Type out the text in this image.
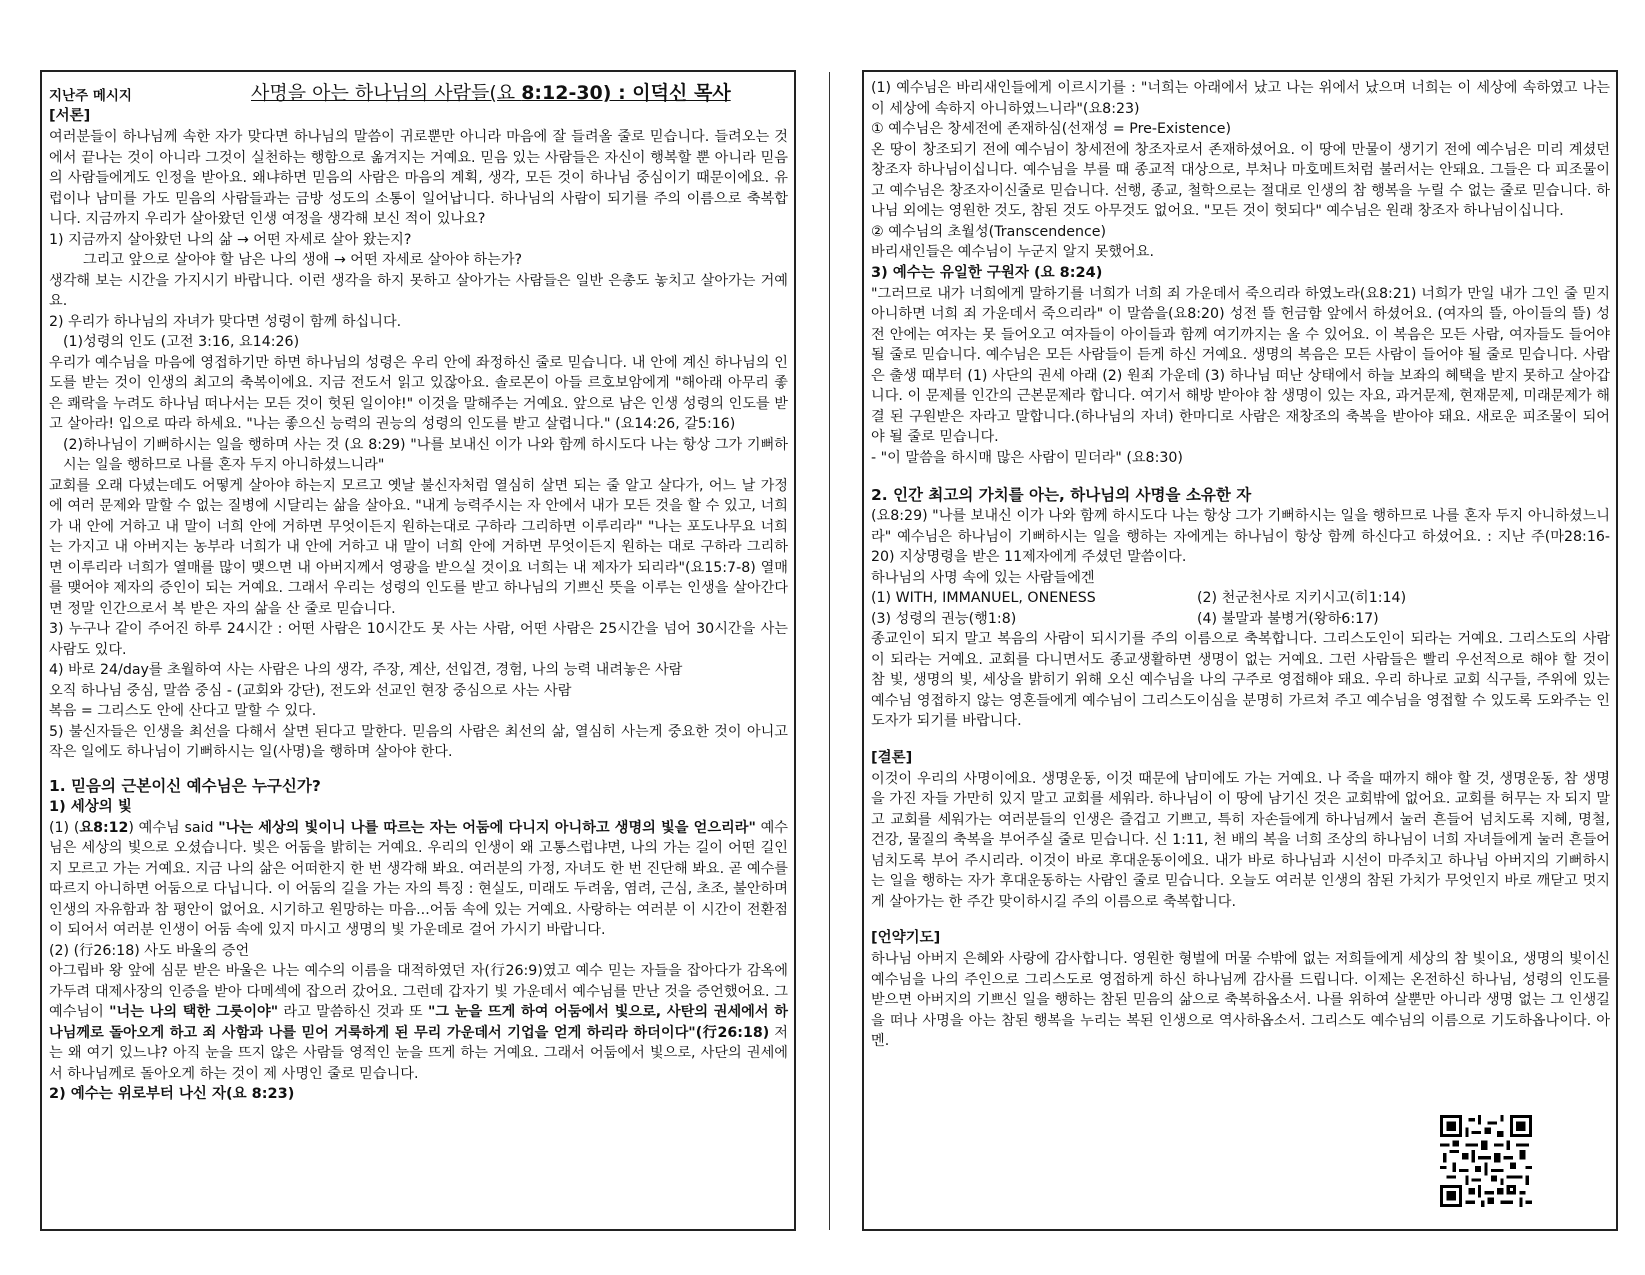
지난주 메시지	사명을 아는 하나님의 사람들(요 8:12-30) : 이덕신 목사

[서론]

여러분들이 하나님께 속한 자가 맞다면 하나님의 말씀이 귀로뿐만 아니라 마음에 잘 들려올 줄로 믿습니다. 들려오는 것에서 끝나는 것이 아니라 그것이 실천하는 행함으로 옮겨지는 거예요. 믿음 있는 사람들은 자신이 행복할 뿐 아니라 믿음의 사람들에게도 인정을 받아요. 왜냐하면 믿음의 사람은 마음의 계획, 생각, 모든 것이 하나님 중심이기 때문이에요. 유럽이나 남미를 가도 믿음의 사람들과는 금방 성도의 소통이 일어납니다. 하나님의 사람이 되기를 주의 이름으로 축복합니다. 지금까지 우리가 살아왔던 인생 여정을 생각해 보신 적이 있나요?

1) 지금까지 살아왔던 나의 삶 → 어떤 자세로 살아 왔는지?

그리고 앞으로 살아야 할 남은 나의 생애 → 어떤 자세로 살아야 하는가?

생각해 보는 시간을 가지시기 바랍니다. 이런 생각을 하지 못하고 살아가는 사람들은 일반 은총도 놓치고 살아가는 거예요.

2) 우리가 하나님의 자녀가 맞다면 성령이 함께 하십니다.

(1)성령의 인도 (고전 3:16, 요14:26)

우리가 예수님을 마음에 영접하기만 하면 하나님의 성령은 우리 안에 좌정하신 줄로 믿습니다. 내 안에 계신 하나님의 인도를 받는 것이 인생의 최고의 축복이에요. 지금 전도서 읽고 있잖아요. 솔로몬이 아들 르호보암에게 "해아래 아무리 좋은 쾌락을 누려도 하나님 떠나서는 모든 것이 헛된 일이야!" 이것을 말해주는 거예요. 앞으로 남은 인생 성령의 인도를 받고 살아라! 입으로 따라 하세요. "나는 좋으신 능력의 권능의 성령의 인도를 받고 살렵니다." (요14:26, 갈5:16)

(2)하나님이 기뻐하시는 일을 행하며 사는 것 (요 8:29) "나를 보내신 이가 나와 함께 하시도다 나는 항상 그가 기뻐하시는 일을 행하므로 나를 혼자 두지 아니하셨느니라"

교회를 오래 다녔는데도 어떻게 살아야 하는지 모르고 옛날 불신자처럼 열심히 살면 되는 줄 알고 살다가, 어느 날 가정에 여러 문제와 말할 수 없는 질병에 시달리는 삶을 살아요. "내게 능력주시는 자 안에서 내가 모든 것을 할 수 있고, 너희가 내 안에 거하고 내 말이 너희 안에 거하면 무엇이든지 원하는대로 구하라 그리하면 이루리라" "나는 포도나무요 너희는 가지고 내 아버지는 농부라 너희가 내 안에 거하고 내 말이 너희 안에 거하면 무엇이든지 원하는 대로 구하라 그리하면 이루리라 너희가 열매를 많이 맺으면 내 아버지께서 영광을 받으실 것이요 너희는 내 제자가 되리라"(요15:7-8) 열매를 맺어야 제자의 증인이 되는 거예요. 그래서 우리는 성령의 인도를 받고 하나님의 기쁘신 뜻을 이루는 인생을 살아간다면 정말 인간으로서 복 받은 자의 삶을 산 줄로 믿습니다.

3) 누구나 같이 주어진 하루 24시간 : 어떤 사람은 10시간도 못 사는 사람, 어떤 사람은 25시간을 넘어 30시간을 사는 사람도 있다.

4) 바로 24/day를 초월하여 사는 사람은 나의 생각, 주장, 계산, 선입견, 경험, 나의 능력 내려놓은 사람

오직 하나님 중심, 말씀 중심 - (교회와 강단), 전도와 선교인 현장 중심으로 사는 사람

복음 = 그리스도 안에 산다고 말할 수 있다.

5) 불신자들은 인생을 최선을 다해서 살면 된다고 말한다. 믿음의 사람은 최선의 삶, 열심히 사는게 중요한 것이 아니고 작은 일에도 하나님이 기뻐하시는 일(사명)을 행하며 살아야 한다.

1. 믿음의 근본이신 예수님은 누구신가?

1) 세상의 빛

(1) (요8:12) 예수님 said "나는 세상의 빛이니 나를 따르는 자는 어둠에 다니지 아니하고 생명의 빛을 얻으리라" 예수님은 세상의 빛으로 오셨습니다. 빛은 어둠을 밝히는 거예요. 우리의 인생이 왜 고통스럽냐면, 나의 가는 길이 어떤 길인지 모르고 가는 거예요. 지금 나의 삶은 어떠한지 한 번 생각해 봐요. 여러분의 가정, 자녀도 한 번 진단해 봐요. 곧 예수를 따르지 아니하면 어둠으로 다닙니다. 이 어둠의 길을 가는 자의 특징 : 현실도, 미래도 두려움, 염려, 근심, 초조, 불안하며 인생의 자유함과 참 평안이 없어요. 시기하고 원망하는 마음...어둠 속에 있는 거예요. 사랑하는 여러분 이 시간이 전환점이 되어서 여러분 인생이 어둠 속에 있지 마시고 생명의 빛 가운데로 걸어 가시기 바랍니다.

(2) (行26:18) 사도 바울의 증언

아그립바 왕 앞에 심문 받은 바울은 나는 예수의 이름을 대적하였던 자(行26:9)였고 예수 믿는 자들을 잡아다가 감옥에 가두려 대제사장의 인증을 받아 다메섹에 잡으러 갔어요. 그런데 갑자기 빛 가운데서 예수님를 만난 것을 증언했어요. 그 예수님이 "너는 나의 택한 그릇이야" 라고 말씀하신 것과 또 "그 눈을 뜨게 하여 어둠에서 빛으로, 사탄의 권세에서 하나님께로 돌아오게 하고 죄 사함과 나를 믿어 거룩하게 된 무리 가운데서 기업을 얻게 하리라 하더이다"(行26:18) 저는 왜 여기 있느냐? 아직 눈을 뜨지 않은 사람들 영적인 눈을 뜨게 하는 거예요. 그래서 어둠에서 빛으로, 사단의 권세에서 하나님께로 돌아오게 하는 것이 제 사명인 줄로 믿습니다.

2) 예수는 위로부터 나신 자(요 8:23)

(1) 예수님은 바리새인들에게 이르시기를 : "너희는 아래에서 났고 나는 위에서 났으며 너희는 이 세상에 속하였고 나는 이 세상에 속하지 아니하였느니라"(요8:23)

① 예수님은 창세전에 존재하심(선재성 = Pre-Existence)

온 땅이 창조되기 전에 예수님이 창세전에 창조자로서 존재하셨어요. 이 땅에 만물이 생기기 전에 예수님은 미리 계셨던 창조자 하나님이십니다. 예수님을 부를 때 종교적 대상으로, 부처나 마호메트처럼 불러서는 안돼요. 그들은 다 피조물이고 예수님은 창조자이신줄로 믿습니다. 선행, 종교, 철학으로는 절대로 인생의 참 행복을 누릴 수 없는 줄로 믿습니다. 하나님 외에는 영원한 것도, 참된 것도 아무것도 없어요. "모든 것이 헛되다" 예수님은 원래 창조자 하나님이십니다.

② 예수님의 초월성(Transcendence)

바리새인들은 예수님이 누군지 알지 못했어요.

3) 예수는 유일한 구원자 (요 8:24)

"그러므로 내가 너희에게 말하기를 너희가 너희 죄 가운데서 죽으리라 하였노라(요8:21) 너희가 만일 내가 그인 줄 믿지 아니하면 너희 죄 가운데서 죽으리라" 이 말씀을(요8:20) 성전 뜰 헌금함 앞에서 하셨어요. (여자의 뜰, 아이들의 뜰) 성전 안에는 여자는 못 들어오고 여자들이 아이들과 함께 여기까지는 올 수 있어요. 이 복음은 모든 사람, 여자들도 들어야 될 줄로 믿습니다. 예수님은 모든 사람들이 듣게 하신 거예요. 생명의 복음은 모든 사람이 들어야 될 줄로 믿습니다. 사람은 출생 때부터 (1) 사단의 권세 아래 (2) 원죄 가운데 (3) 하나님 떠난 상태에서 하늘 보좌의 혜택을 받지 못하고 살아갑니다. 이 문제를 인간의 근본문제라 합니다. 여기서 해방 받아야 참 생명이 있는 자요, 과거문제, 현재문제, 미래문제가 해결 된 구원받은 자라고 말합니다.(하나님의 자녀) 한마디로 사람은 재창조의 축복을 받아야 돼요. 새로운 피조물이 되어야 될 줄로 믿습니다.

- "이 말씀을 하시매 많은 사람이 믿더라" (요8:30)

2. 인간 최고의 가치를 아는, 하나님의 사명을 소유한 자

(요8:29) "나를 보내신 이가 나와 함께 하시도다 나는 항상 그가 기뻐하시는 일을 행하므로 나를 혼자 두지 아니하셨느니라" 예수님은 하나님이 기뻐하시는 일을 행하는 자에게는 하나님이 항상 함께 하신다고 하셨어요. : 지난 주(마28:16-20) 지상명령을 받은 11제자에게 주셨던 말씀이다.

하나님의 사명 속에 있는 사람들에겐

(1) WITH, IMMANUEL, ONENESS	(2) 천군천사로 지키시고(히1:14)
(3) 성령의 권능(행1:8)	(4) 불말과 불병거(왕하6:17)

종교인이 되지 말고 복음의 사람이 되시기를 주의 이름으로 축복합니다. 그리스도인이 되라는 거예요. 그리스도의 사람이 되라는 거예요. 교회를 다니면서도 종교생활하면 생명이 없는 거예요. 그런 사람들은 빨리 우선적으로 해야 할 것이 참 빛, 생명의 빛, 세상을 밝히기 위해 오신 예수님을 나의 구주로 영접해야 돼요. 우리 하나로 교회 식구들, 주위에 있는 예수님 영접하지 않는 영혼들에게 예수님이 그리스도이심을 분명히 가르쳐 주고 예수님을 영접할 수 있도록 도와주는 인도자가 되기를 바랍니다.

[결론]

이것이 우리의 사명이에요. 생명운동, 이것 때문에 남미에도 가는 거예요. 나 죽을 때까지 해야 할 것, 생명운동, 참 생명을 가진 자들 가만히 있지 말고 교회를 세워라. 하나님이 이 땅에 남기신 것은 교회밖에 없어요. 교회를 허무는 자 되지 말고 교회를 세워가는 여러분들의 인생은 즐겁고 기쁘고, 특히 자손들에게 하나님께서 눌러 흔들어 넘치도록 지혜, 명철, 건강, 물질의 축복을 부어주실 줄로 믿습니다. 신 1:11, 천 배의 복을 너희 조상의 하나님이 너희 자녀들에게 눌러 흔들어 넘치도록 부어 주시리라. 이것이 바로 후대운동이에요. 내가 바로 하나님과 시선이 마주치고 하나님 아버지의 기뻐하시는 일을 행하는 자가 후대운동하는 사람인 줄로 믿습니다. 오늘도 여러분 인생의 참된 가치가 무엇인지 바로 깨닫고 멋지게 살아가는 한 주간 맞이하시길 주의 이름으로 축복합니다.

[언약기도]

하나님 아버지 은혜와 사랑에 감사합니다. 영원한 형벌에 머물 수밖에 없는 저희들에게 세상의 참 빛이요, 생명의 빛이신 예수님을 나의 주인으로 그리스도로 영접하게 하신 하나님께 감사를 드립니다. 이제는 온전하신 하나님, 성령의 인도를 받으면 아버지의 기쁘신 일을 행하는 참된 믿음의 삶으로 축복하옵소서. 나를 위하여 살뿐만 아니라 생명 없는 그 인생길을 떠나 사명을 아는 참된 행복을 누리는 복된 인생으로 역사하옵소서. 그리스도 예수님의 이름으로 기도하옵나이다. 아멘.
